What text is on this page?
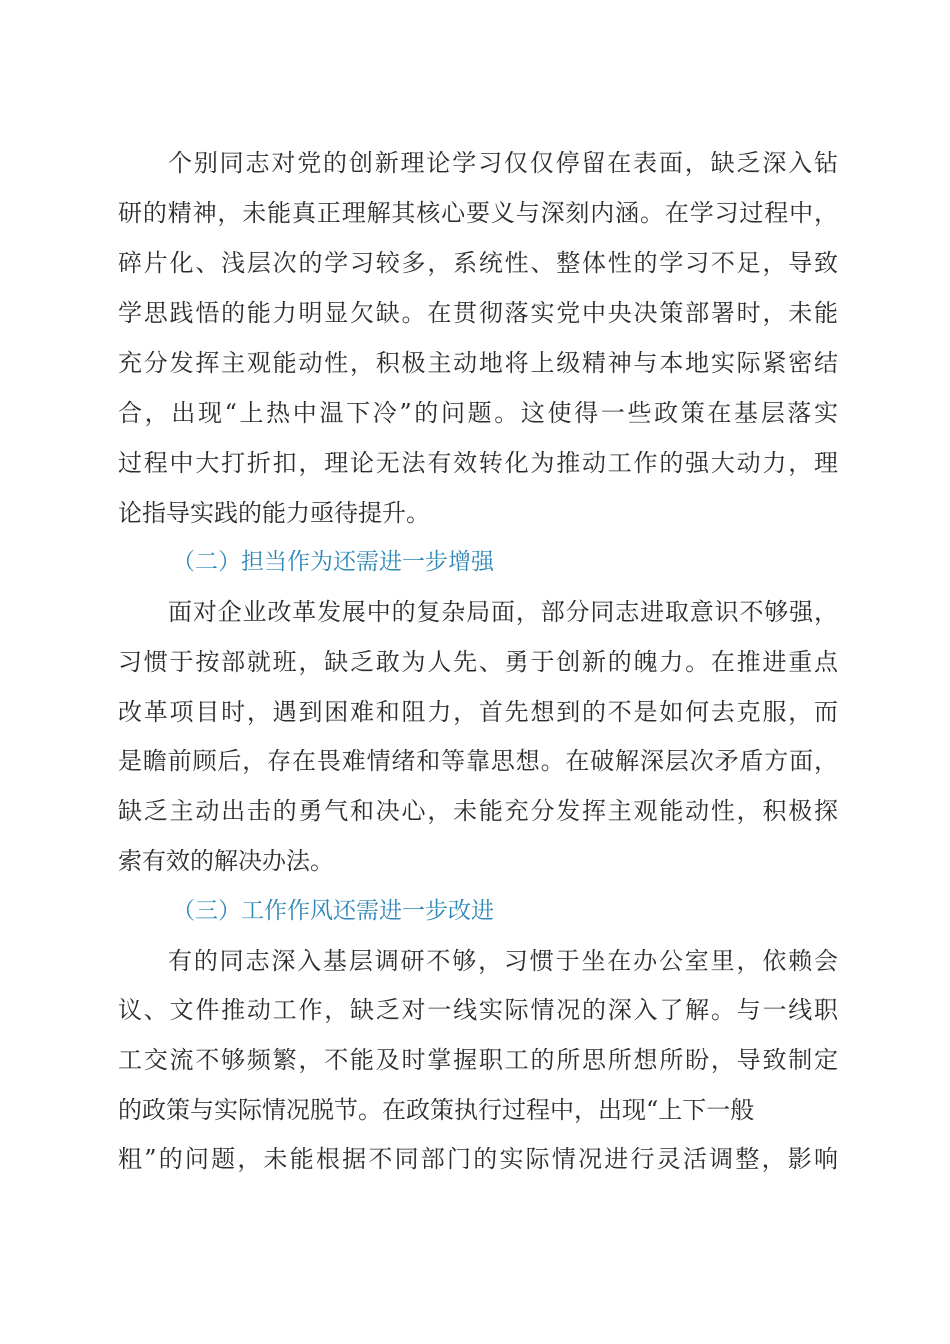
个别同志对党的创新理论学习仅仅停留在表面，缺乏深入钻
研的精神，未能真正理解其核心要义与深刻内涵。在学习过程中，
碎片化、浅层次的学习较多，系统性、整体性的学习不足，导致
学思践悟的能力明显欠缺。在贯彻落实党中央决策部署时，未能
充分发挥主观能动性，积极主动地将上级精神与本地实际紧密结
合，出现“上热中温下冷”的问题。这使得一些政策在基层落实
过程中大打折扣，理论无法有效转化为推动工作的强大动力，理
论指导实践的能力亟待提升。
（二）担当作为还需进一步增强
面对企业改革发展中的复杂局面，部分同志进取意识不够强，
习惯于按部就班，缺乏敢为人先、勇于创新的魄力。在推进重点
改革项目时，遇到困难和阻力，首先想到的不是如何去克服，而
是瞻前顾后，存在畏难情绪和等靠思想。在破解深层次矛盾方面，
缺乏主动出击的勇气和决心，未能充分发挥主观能动性，积极探
索有效的解决办法。
（三）工作作风还需进一步改进
有的同志深入基层调研不够，习惯于坐在办公室里，依赖会
议、文件推动工作，缺乏对一线实际情况的深入了解。与一线职
工交流不够频繁，不能及时掌握职工的所思所想所盼，导致制定
的政策与实际情况脱节。在政策执行过程中，出现“上下一般
粗”的问题，未能根据不同部门的实际情况进行灵活调整，影响
